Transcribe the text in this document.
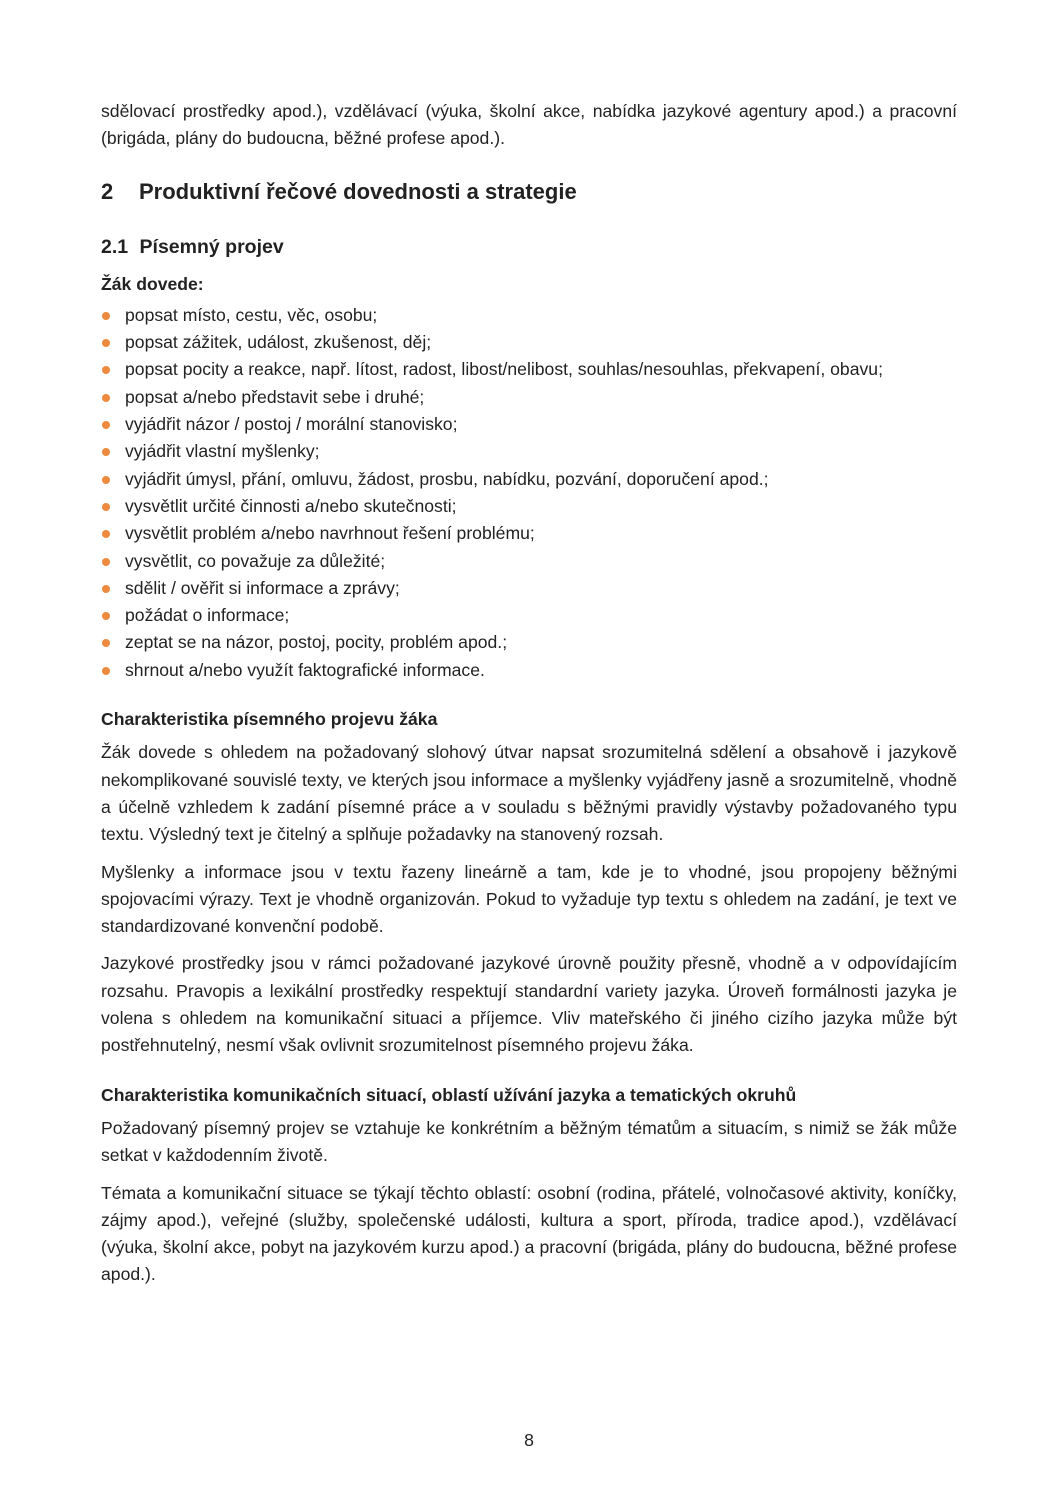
sdělovací prostředky apod.), vzdělávací (výuka, školní akce, nabídka jazykové agentury apod.) a pracovní (brigáda, plány do budoucna, běžné profese apod.).

2	Produktivní řečové dovednosti a strategie
2.1 Písemný projev

Žák dovede:

popsat místo, cestu, věc, osobu;
popsat zážitek, událost, zkušenost, děj;
popsat pocity a reakce, např. lítost, radost, libost/nelibost, souhlas/nesouhlas, překvapení, obavu;
popsat a/nebo představit sebe i druhé;
vyjádřit názor / postoj / morální stanovisko;
vyjádřit vlastní myšlenky;
vyjádřit úmysl, přání, omluvu, žádost, prosbu, nabídku, pozvání, doporučení apod.;
vysvětlit určité činnosti a/nebo skutečnosti;
vysvětlit problém a/nebo navrhnout řešení problému;
vysvětlit, co považuje za důležité;
sdělit / ověřit si informace a zprávy;
požádat o informace;
zeptat se na názor, postoj, pocity, problém apod.;
shrnout a/nebo využít faktografické informace.

Charakteristika písemného projevu žáka

Žák dovede s ohledem na požadovaný slohový útvar napsat srozumitelná sdělení a obsahově i jazykově nekomplikované souvislé texty, ve kterých jsou informace a myšlenky vyjádřeny jasně a srozumitelně, vhodně a účelně vzhledem k zadání písemné práce a v souladu s běžnými pravidly výstavby požadovaného typu textu. Výsledný text je čitelný a splňuje požadavky na stanovený rozsah.

Myšlenky a informace jsou v textu řazeny lineárně a tam, kde je to vhodné, jsou propojeny běžnými spojovacími výrazy. Text je vhodně organizován. Pokud to vyžaduje typ textu s ohledem na zadání, je text ve standardizované konvenční podobě.

Jazykové prostředky jsou v rámci požadované jazykové úrovně použity přesně, vhodně a v odpovídajícím rozsahu. Pravopis a lexikální prostředky respektují standardní variety jazyka. Úroveň formálnosti jazyka je volena s ohledem na komunikační situaci a příjemce. Vliv mateřského či jiného cizího jazyka může být postřehnutelný, nesmí však ovlivnit srozumitelnost písemného projevu žáka.

Charakteristika komunikačních situací, oblastí užívání jazyka a tematických okruhů

Požadovaný písemný projev se vztahuje ke konkrétním a běžným tématům a situacím, s nimiž se žák může setkat v každodenním životě.

Témata a komunikační situace se týkají těchto oblastí: osobní (rodina, přátelé, volnočasové aktivity, koníčky, zájmy apod.), veřejné (služby, společenské události, kultura a sport, příroda, tradice apod.), vzdělávací (výuka, školní akce, pobyt na jazykovém kurzu apod.) a pracovní (brigáda, plány do budoucna, běžné profese apod.).

8
